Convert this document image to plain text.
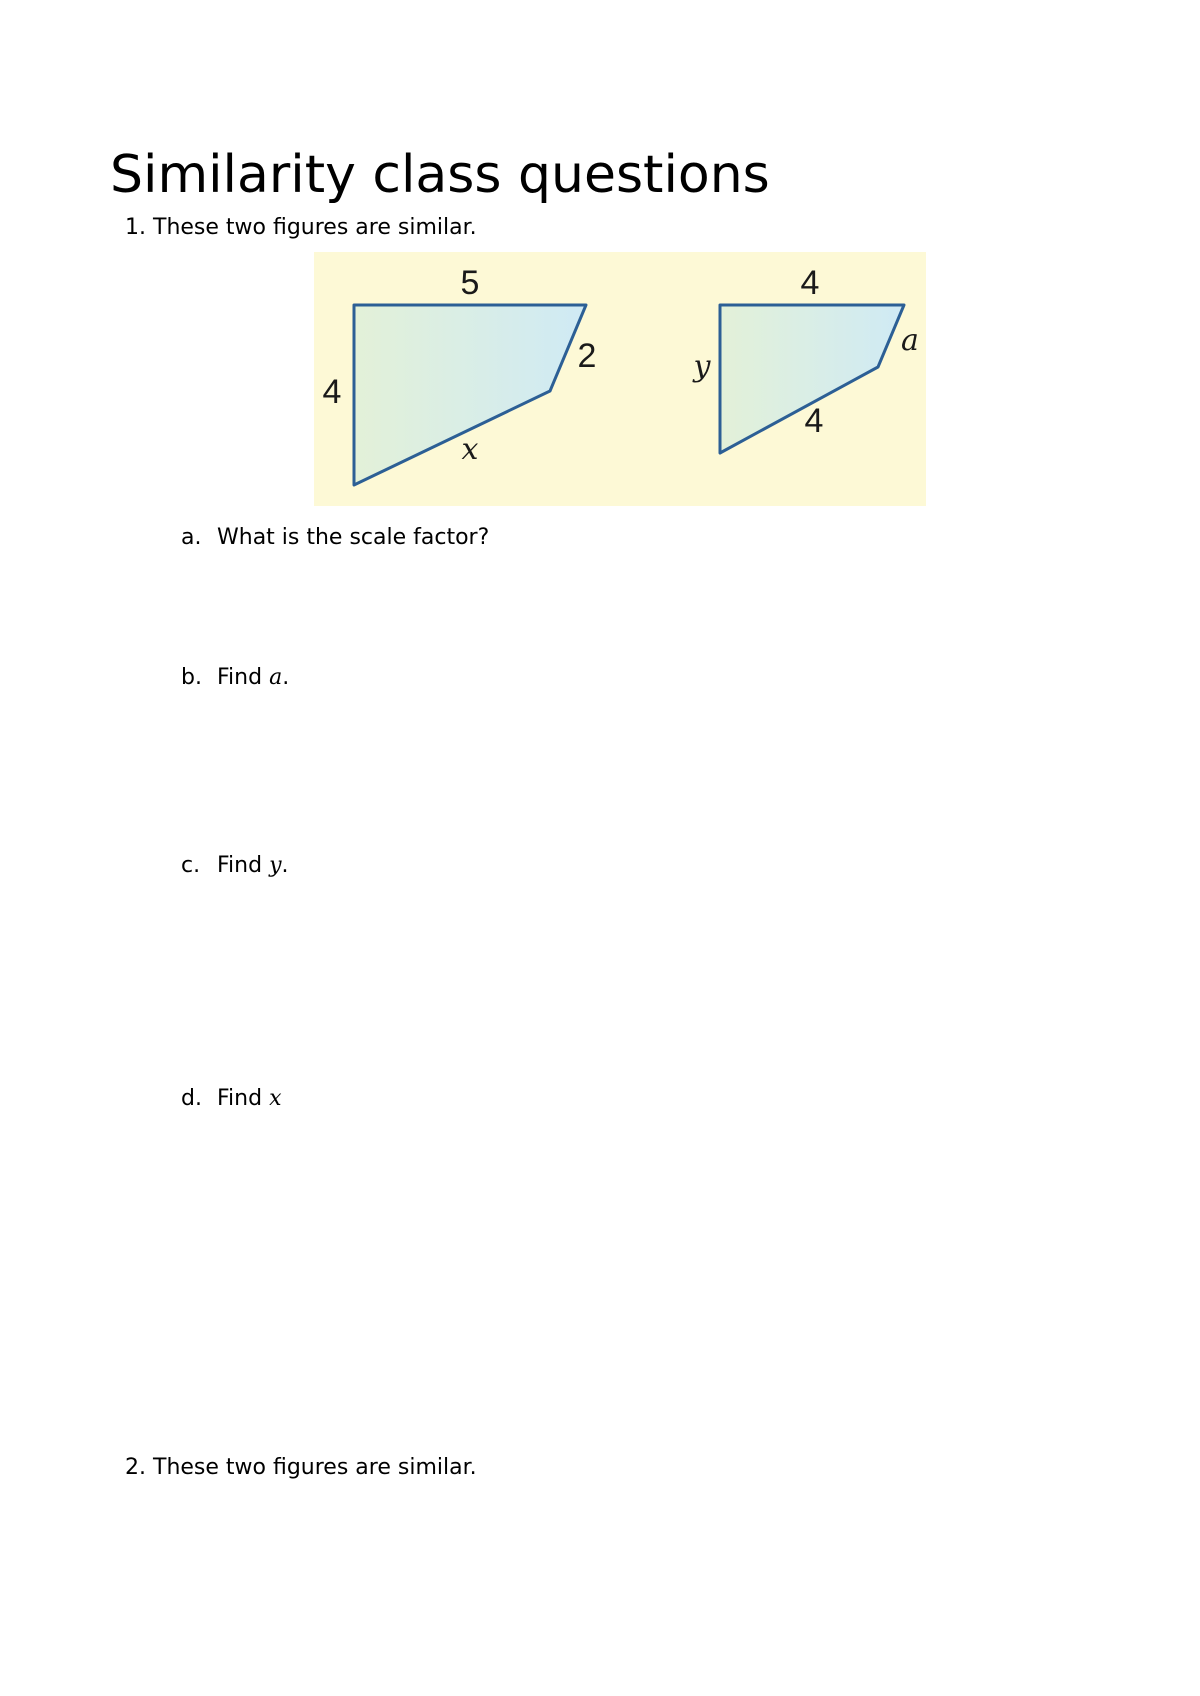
Similarity class questions
1. These two figures are similar.
5
4
2
x
4
y
a
4
a. What is the scale factor?
b. Find a.
c. Find y.
d. Find x
2. These two figures are similar.
